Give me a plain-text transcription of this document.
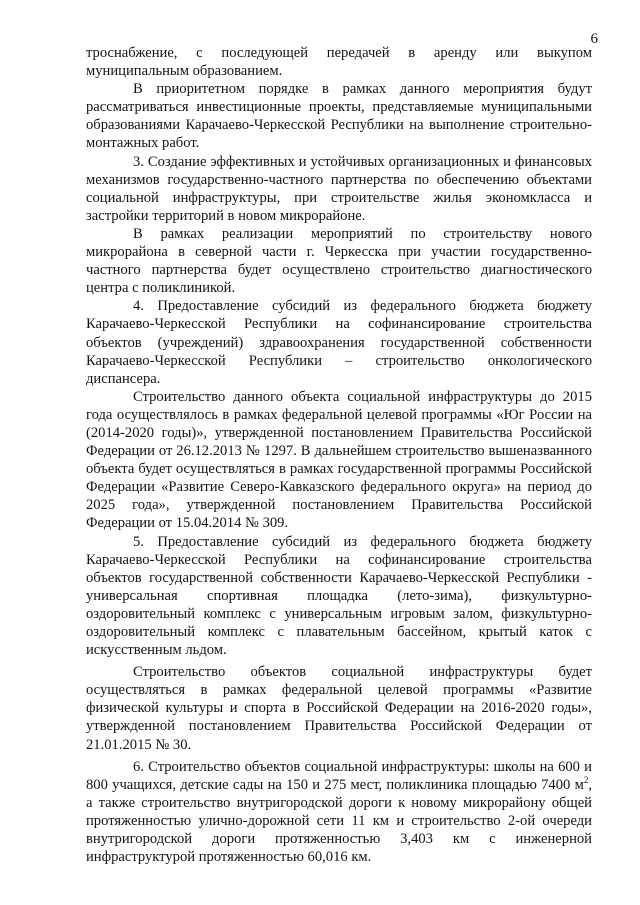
6

троснабжение, с последующей передачей в аренду или выкупом муниципальным образованием.

В приоритетном порядке в рамках данного мероприятия будут рассматриваться инвестиционные проекты, представляемые муниципальными образованиями Карачаево-Черкесской Республики на выполнение строительно-монтажных работ.

3. Создание эффективных и устойчивых организационных и финансовых механизмов государственно-частного партнерства по обеспечению объектами социальной инфраструктуры, при строительстве жилья экономкласса и застройки территорий в новом микрорайоне.

В рамках реализации мероприятий по строительству нового микрорайона в северной части г. Черкесска при участии государственно-частного партнерства будет осуществлено строительство диагностического центра с поликлиникой.

4. Предоставление субсидий из федерального бюджета бюджету Карачаево-Черкесской Республики на софинансирование строительства объектов (учреждений) здравоохранения государственной собственности Карачаево-Черкесской Республики – строительство онкологического диспансера.

Строительство данного объекта социальной инфраструктуры до 2015 года осуществлялось в рамках федеральной целевой программы «Юг России на (2014-2020 годы)», утвержденной постановлением Правительства Российской Федерации от 26.12.2013 № 1297. В дальнейшем строительство вышеназванного объекта будет осуществляться в рамках государственной программы Российской Федерации «Развитие Северо-Кавказского федерального округа» на период до 2025 года», утвержденной постановлением Правительства Российской Федерации от 15.04.2014 № 309.

5. Предоставление субсидий из федерального бюджета бюджету Карачаево-Черкесской Республики на софинансирование строительства объектов государственной собственности Карачаево-Черкесской Республики - универсальная спортивная площадка (лето-зима), физкультурно-оздоровительный комплекс с универсальным игровым залом, физкультурно-оздоровительный комплекс с плавательным бассейном, крытый каток с искусственным льдом.

Строительство объектов социальной инфраструктуры будет осуществляться в рамках федеральной целевой программы «Развитие физической культуры и спорта в Российской Федерации на 2016-2020 годы», утвержденной постановлением Правительства Российской Федерации от 21.01.2015 № 30.

6. Строительство объектов социальной инфраструктуры: школы на 600 и 800 учащихся, детские сады на 150 и 275 мест, поликлиника площадью 7400 $м^2$, а также строительство внутригородской дороги к новому микрорайону общей протяженностью улично-дорожной сети 11 км и строительство 2-ой очереди внутригородской дороги протяженностью 3,403 км с инженерной инфраструктурой протяженностью 60,016 км.
